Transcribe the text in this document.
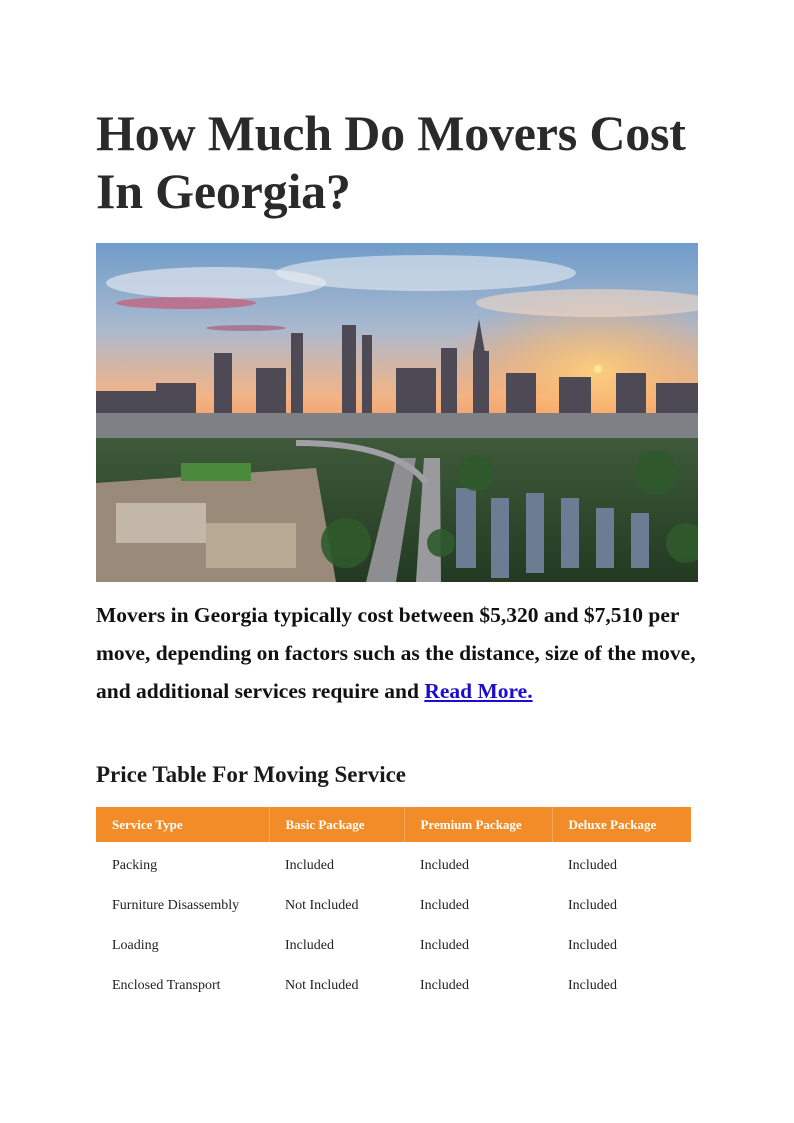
How Much Do Movers Cost In Georgia?

Movers in Georgia typically cost between $5,320 and $7,510 per move, depending on factors such as the distance, size of the move, and additional services require and Read More.

Price Table For Moving Service
Service Type	Basic Package	Premium Package	Deluxe Package
Packing	Included	Included	Included
Furniture Disassembly	Not Included	Included	Included
Loading	Included	Included	Included
Enclosed Transport	Not Included	Included	Included
